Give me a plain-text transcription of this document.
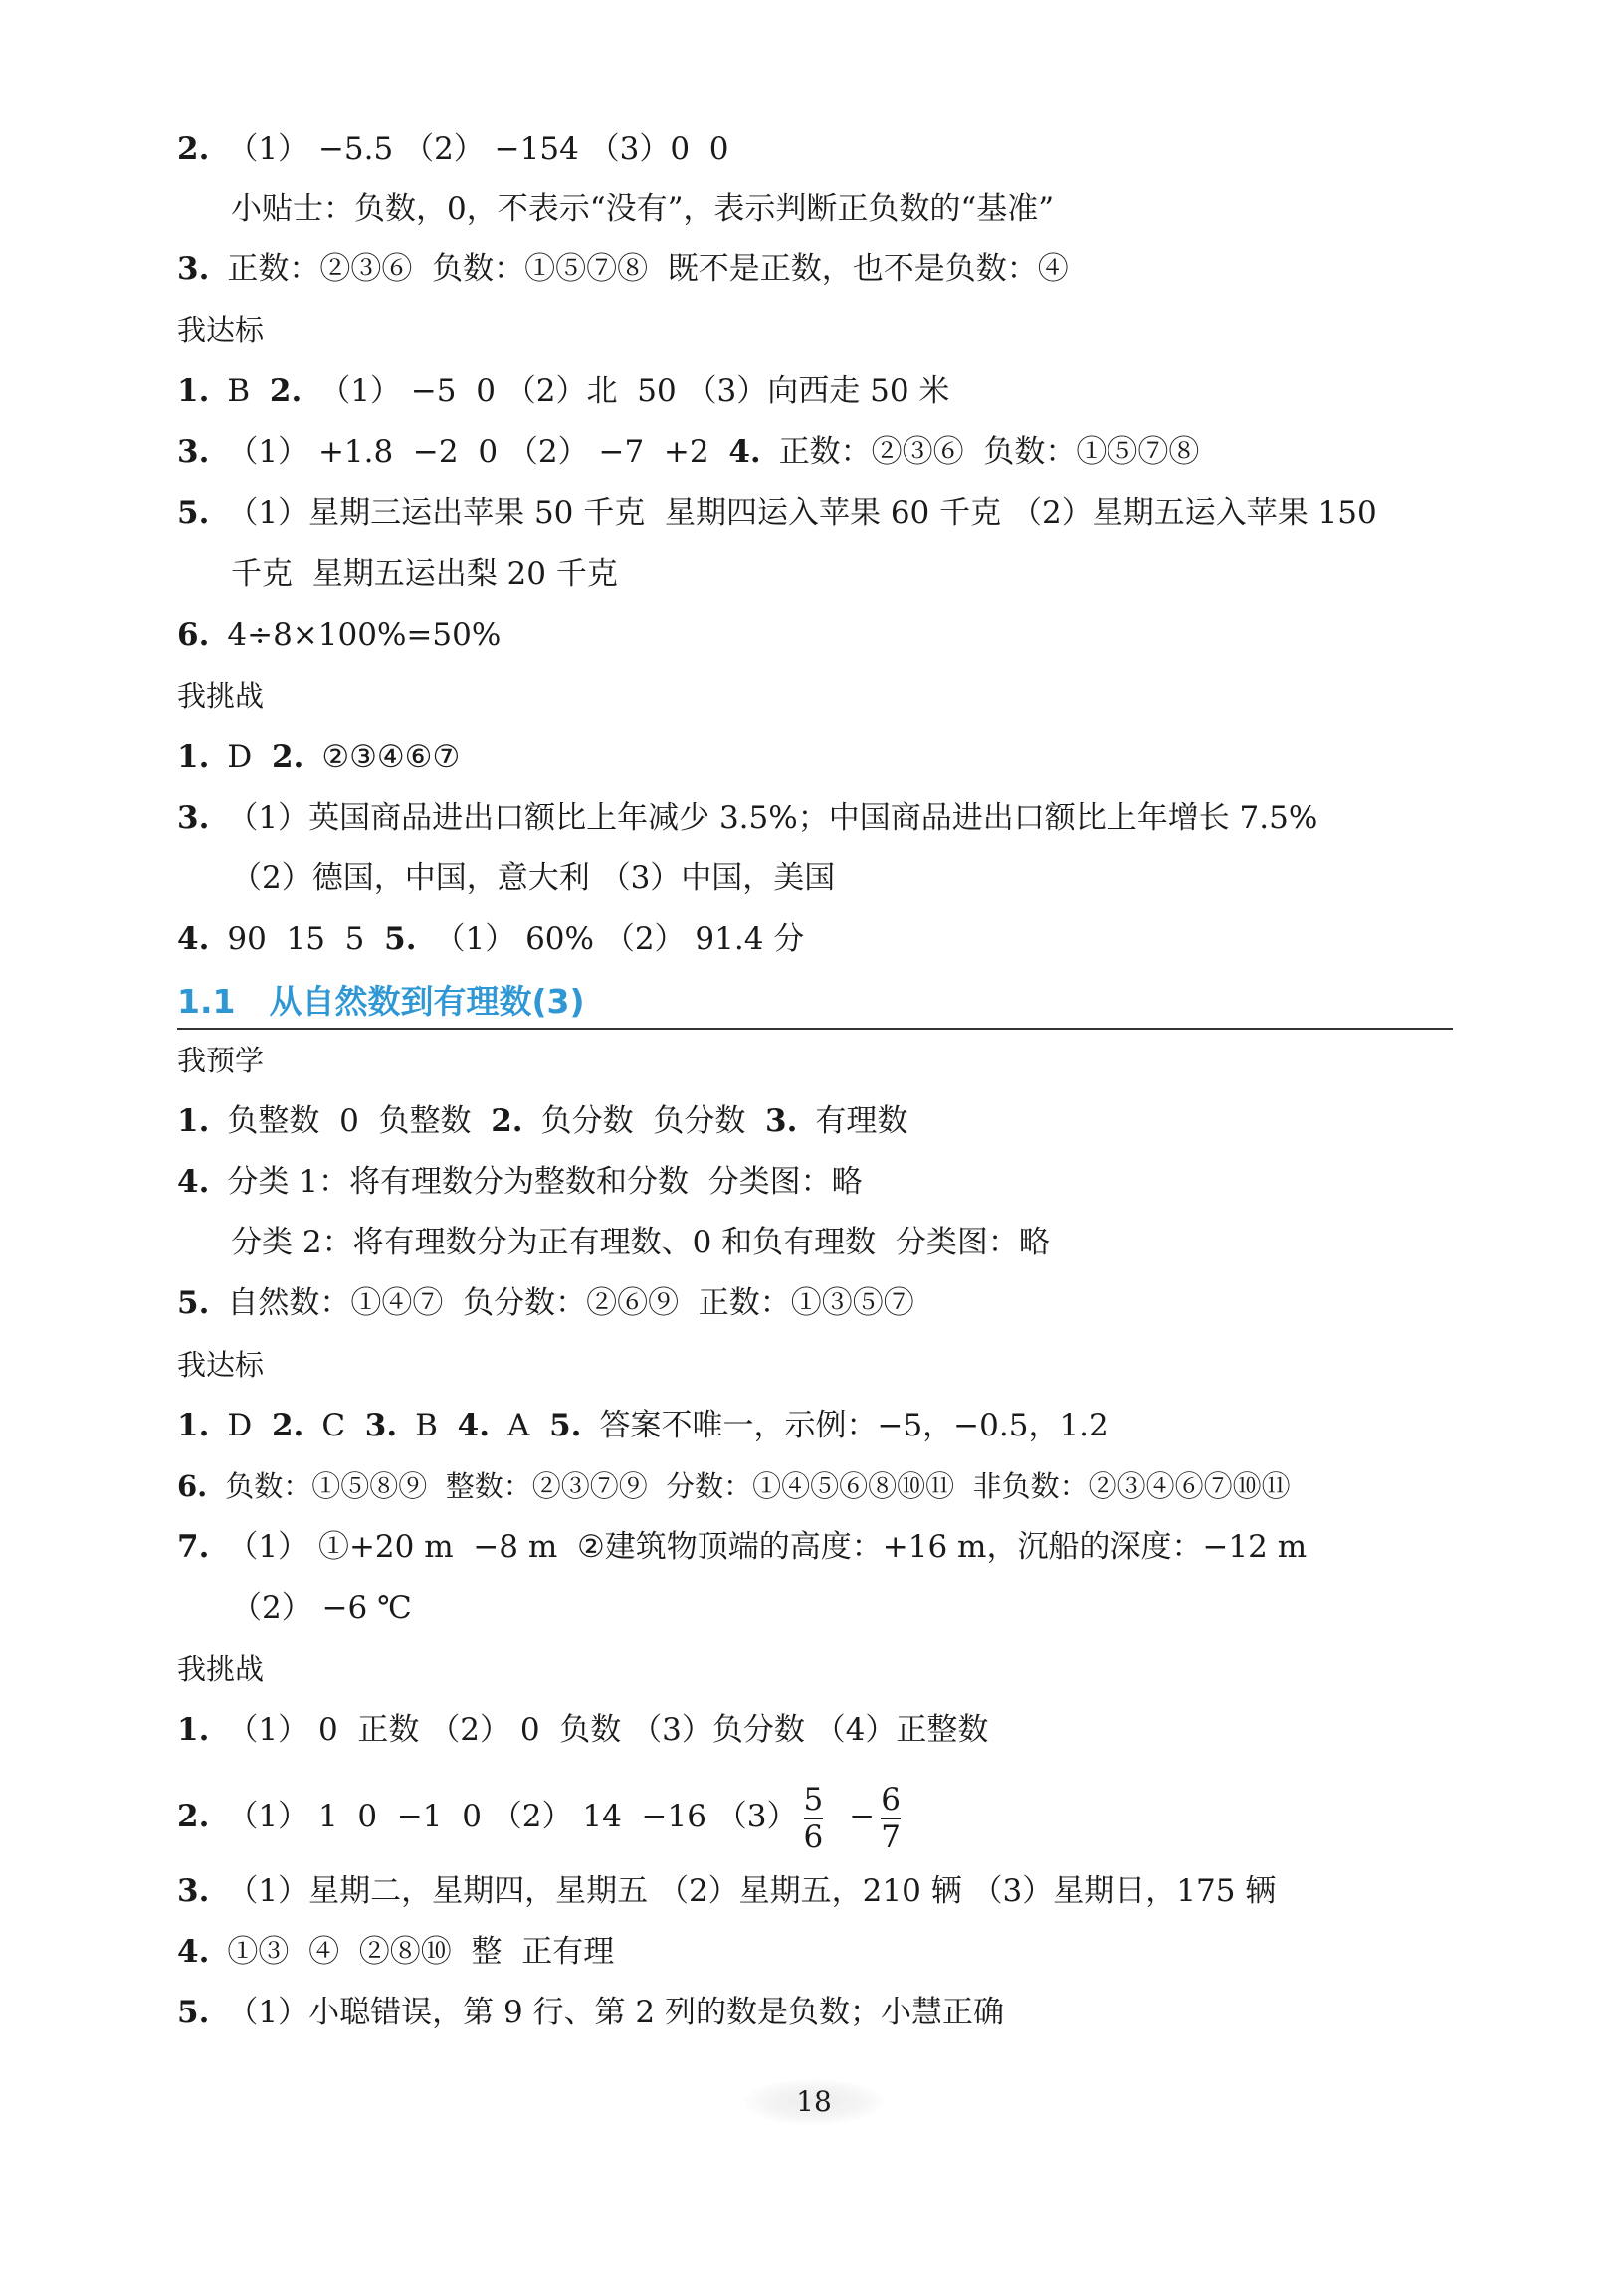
2. （1） −5.5 （2） −154 （3）0  0
小贴士：负数，0，不表示“没有”，表示判断正负数的“基准”
3. 正数：②③⑥  负数：①⑤⑦⑧  既不是正数，也不是负数：④
我达标
1. B  2. （1） −5  0 （2）北  50 （3）向西走 50 米
3. （1） +1.8  −2  0 （2） −7  +2  4. 正数：②③⑥  负数：①⑤⑦⑧
5. （1）星期三运出苹果 50 千克  星期四运入苹果 60 千克 （2）星期五运入苹果 150
千克  星期五运出梨 20 千克
6. 4÷8×100%=50%
我挑战
1. D  2. ②③④⑥⑦
3. （1）英国商品进出口额比上年减少 3.5%；中国商品进出口额比上年增长 7.5%
（2）德国，中国，意大利 （3）中国，美国
4. 90  15  5  5. （1） 60% （2） 91.4 分
1.1 从自然数到有理数(3)
我预学
1. 负整数  0  负整数  2. 负分数  负分数  3. 有理数
4. 分类 1：将有理数分为整数和分数  分类图：略
分类 2：将有理数分为正有理数、0 和负有理数  分类图：略
5. 自然数：①④⑦  负分数：②⑥⑨  正数：①③⑤⑦
我达标
1. D  2. C  3. B  4. A  5. 答案不唯一，示例：−5，−0.5，1.2
6. 负数：①⑤⑧⑨  整数：②③⑦⑨  分数：①④⑤⑥⑧⑩⑪  非负数：②③④⑥⑦⑩⑪
7. （1） ①+20 m  −8 m  ②建筑物顶端的高度：+16 m，沉船的深度：−12 m
（2） −6 ℃
我挑战
1. （1） 0  正数 （2） 0  负数 （3）负分数 （4）正整数
2. （1） 1  0  −1  0 （2） 14  −16 $(3) \frac{5}{6} - \frac{6}{7}$
3. （1）星期二，星期四，星期五 （2）星期五，210 辆 （3）星期日，175 辆
4. ①③  ④  ②⑧⑩  整  正有理
5. （1）小聪错误，第 9 行、第 2 列的数是负数；小慧正确
18
